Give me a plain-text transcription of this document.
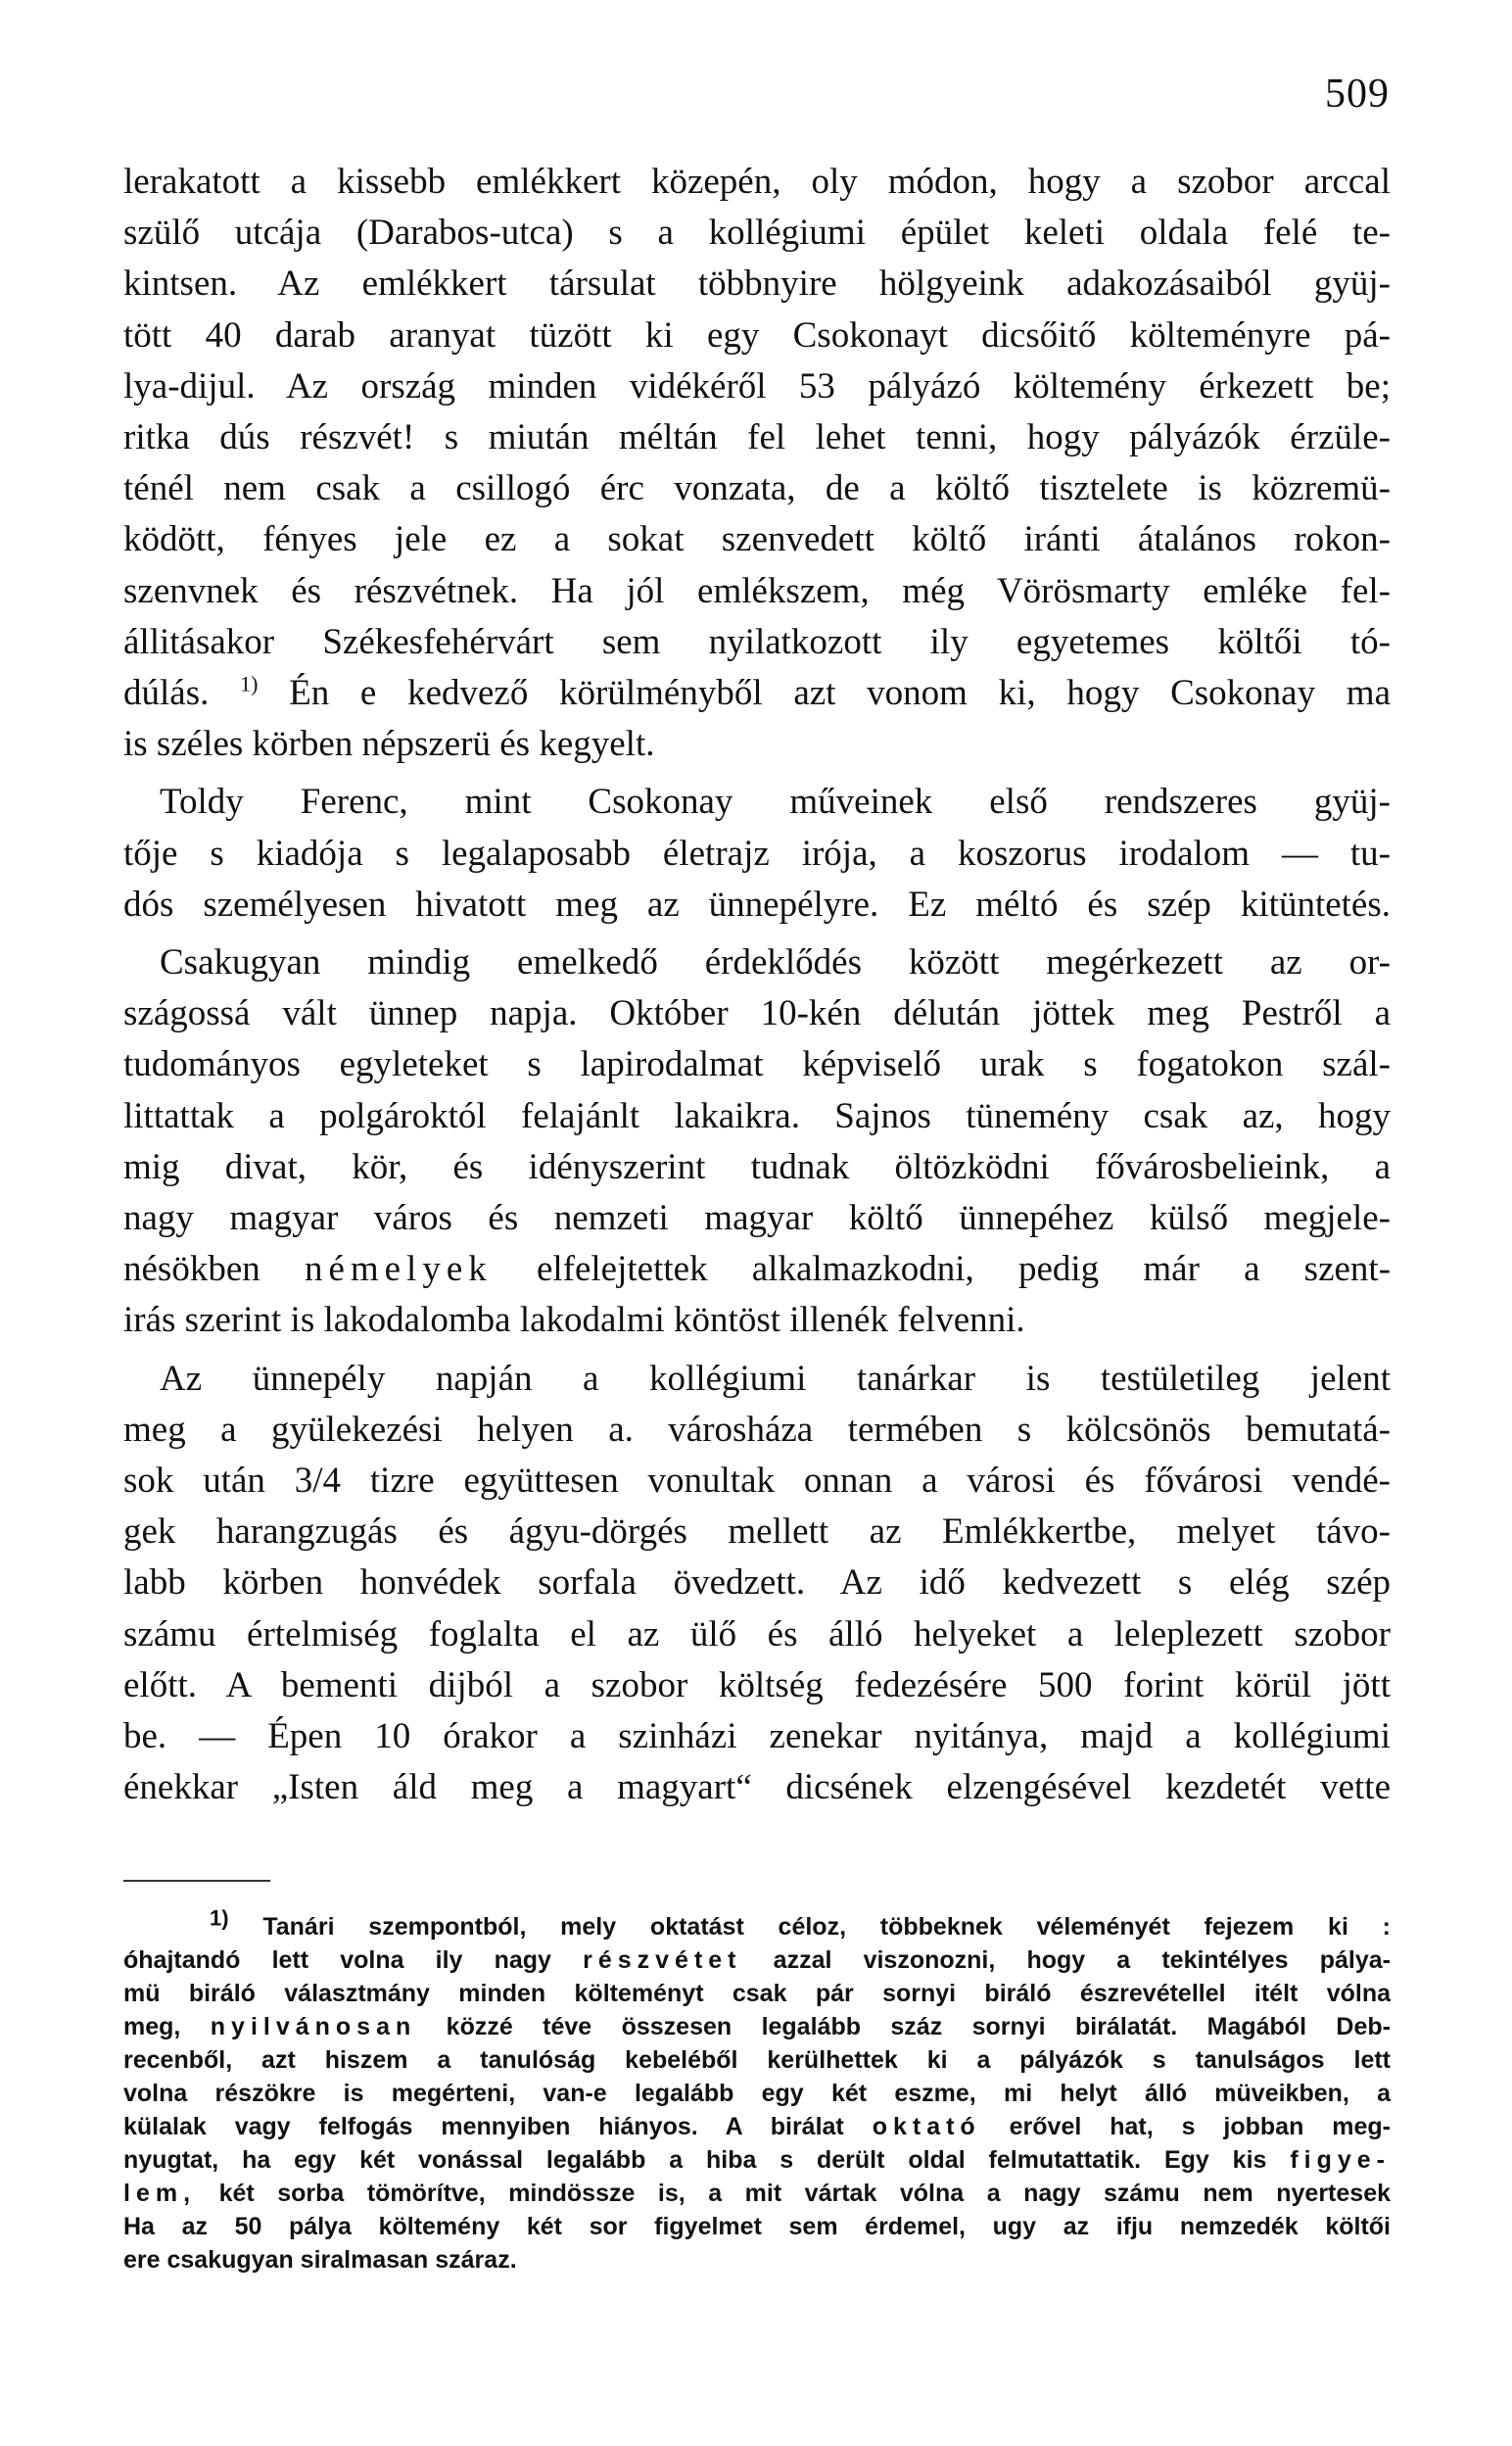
509
lerakatott a kissebb emlékkert közepén, oly módon, hogy a szobor arccal
szülő utcája (Darabos-utca) s a kollégiumi épület keleti oldala felé te-
kintsen. Az emlékkert társulat többnyire hölgyeink adakozásaiból gyüj-
tött 40 darab aranyat tüzött ki egy Csokonayt dicsőitő költeményre pá-
lya-dijul. Az ország minden vidékéről 53 pályázó költemény érkezett be;
ritka dús részvét! s miután méltán fel lehet tenni, hogy pályázók érzüle-
ténél nem csak a csillogó érc vonzata, de a költő tisztelete is közremü-
ködött, fényes jele ez a sokat szenvedett költő iránti átalános rokon-
szenvnek és részvétnek. Ha jól emlékszem, még Vörösmarty emléke fel-
állitásakor Székesfehérvárt sem nyilatkozott ily egyetemes költői tó-
dúlás. $^{1)}$ Én e kedvező körülményből azt vonom ki, hogy Csokonay ma
is széles körben népszerü és kegyelt.
Toldy Ferenc, mint Csokonay műveinek első rendszeres gyüj-
tője s kiadója s legalaposabb életrajz irója, a koszorus irodalom — tu-
dós személyesen hivatott meg az ünnepélyre. Ez méltó és szép kitüntetés.
Csakugyan mindig emelkedő érdeklődés között megérkezett az or-
szágossá vált ünnep napja. Október 10-kén délután jöttek meg Pestről a
tudományos egyleteket s lapirodalmat képviselő urak s fogatokon szál-
littattak a polgároktól felajánlt lakaikra. Sajnos tünemény csak az, hogy
mig divat, kör, és idényszerint tudnak öltözködni fővárosbelieink, a
nagy magyar város és nemzeti magyar költő ünnepéhez külső megjele-
nésökben némelyek elfelejtettek alkalmazkodni, pedig már a szent-
irás szerint is lakodalomba lakodalmi köntöst illenék felvenni.
Az ünnepély napján a kollégiumi tanárkar is testületileg jelent
meg a gyülekezési helyen a. városháza termében s kölcsönös bemutatá-
sok után 3/4 tizre együttesen vonultak onnan a városi és fővárosi vendé-
gek harangzugás és ágyu-dörgés mellett az Emlékkertbe, melyet távo-
labb körben honvédek sorfala övedzett. Az idő kedvezett s elég szép
számu értelmiség foglalta el az ülő és álló helyeket a leleplezett szobor
előtt. A bementi dijból a szobor költség fedezésére 500 forint körül jött
be. — Épen 10 órakor a szinházi zenekar nyitánya, majd a kollégiumi
énekkar „Isten áld meg a magyart“ dicsének elzengésével kezdetét vette
$^{1)}$ Tanári szempontból, mely oktatást céloz, többeknek véleményét fejezem ki :
óhajtandó lett volna ily nagy részvétet azzal viszonozni, hogy a tekintélyes pálya-
mü biráló választmány minden költeményt csak pár sornyi biráló észrevétellel itélt vólna
meg, nyilvánosan közzé téve összesen legalább száz sornyi birálatát. Magából Deb-
recenből, azt hiszem a tanulóság kebeléből kerülhettek ki a pályázók s tanulságos lett
volna részökre is megérteni, van-e legalább egy két eszme, mi helyt álló müveikben, a
külalak vagy felfogás mennyiben hiányos. A birálat oktató erővel hat, s jobban meg-
nyugtat, ha egy két vonással legalább a hiba s derült oldal felmutattatik. Egy kis figye-
lem, két sorba tömörítve, mindössze is, a mit vártak vólna a nagy számu nem nyertesek
Ha az 50 pálya költemény két sor figyelmet sem érdemel, ugy az ifju nemzedék költői
ere csakugyan siralmasan száraz.
